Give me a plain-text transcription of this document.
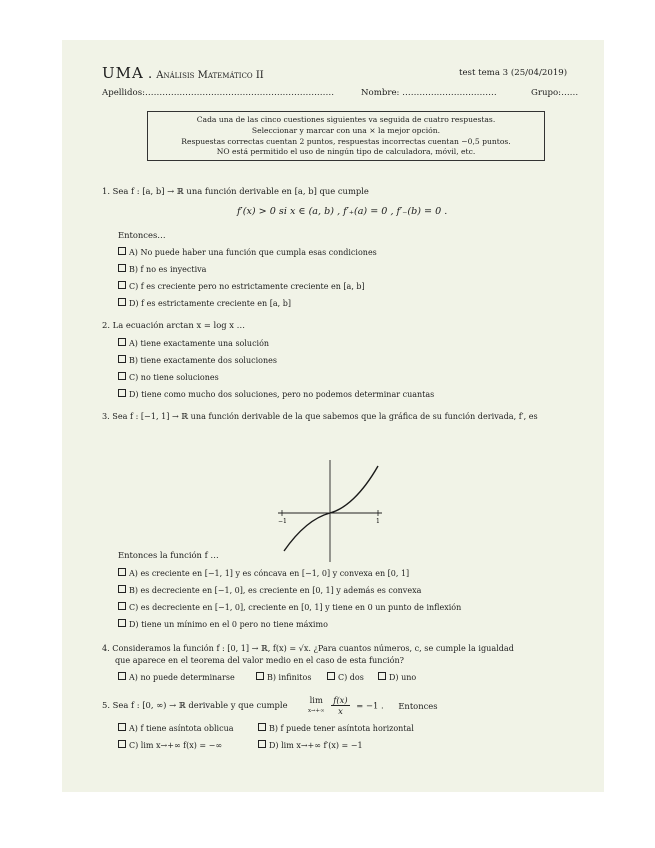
UMA . Análisis Matemático II	test tema 3 (25/04/2019)
Apellidos:…………………………………………………………	Nombre: ……………………………	Grupo:……
Cada una de las cinco cuestiones siguientes va seguida de cuatro respuestas.
Seleccionar y marcar con una × la mejor opción.
Respuestas correctas cuentan 2 puntos, respuestas incorrectas cuentan −0,5 puntos.
NO está permitido el uso de ningún tipo de calculadora, móvil, etc.
1. Sea f : [a, b] → ℝ una función derivable en [a, b] que cumple
f′(x) > 0 si x ∈ (a, b) , f′₊(a) = 0 , f′₋(b) = 0 .
Entonces…
A) No puede haber una función que cumpla esas condiciones
B) f no es inyectiva
C) f es creciente pero no estrictamente creciente en [a, b]
D) f es estrictamente creciente en [a, b]
2. La ecuación arctan x = log x …
A) tiene exactamente una solución
B) tiene exactamente dos soluciones
C) no tiene soluciones
D) tiene como mucho dos soluciones, pero no podemos determinar cuantas
3. Sea f : [−1, 1] → ℝ una función derivable de la que sabemos que la gráfica de su función derivada, f′, es
−1	1
Entonces la función f …
A) es creciente en [−1, 1] y es cóncava en [−1, 0] y convexa en [0, 1]
B) es decreciente en [−1, 0], es creciente en [0, 1] y además es convexa
C) es decreciente en [−1, 0], creciente en [0, 1] y tiene en 0 un punto de inflexión
D) tiene un mínimo en el 0 pero no tiene máximo
4. Consideramos la función f : [0, 1] → ℝ, f(x) = √x. ¿Para cuantos números, c, se cumple la igualdad
que aparece en el teorema del valor medio en el caso de esta función?
A) no puede determinarse	B) infinitos	C) dos	D) uno
5. Sea f : [0, ∞) → ℝ derivable y que cumple
lim
$x\to+\infty \frac{f(x)}{x} = -1$ . Entonces
A) f tiene asíntota oblicua	B) f puede tener asíntota horizontal
C) lim x→+∞ f(x) = −∞	D) lim x→+∞ f′(x) = −1
